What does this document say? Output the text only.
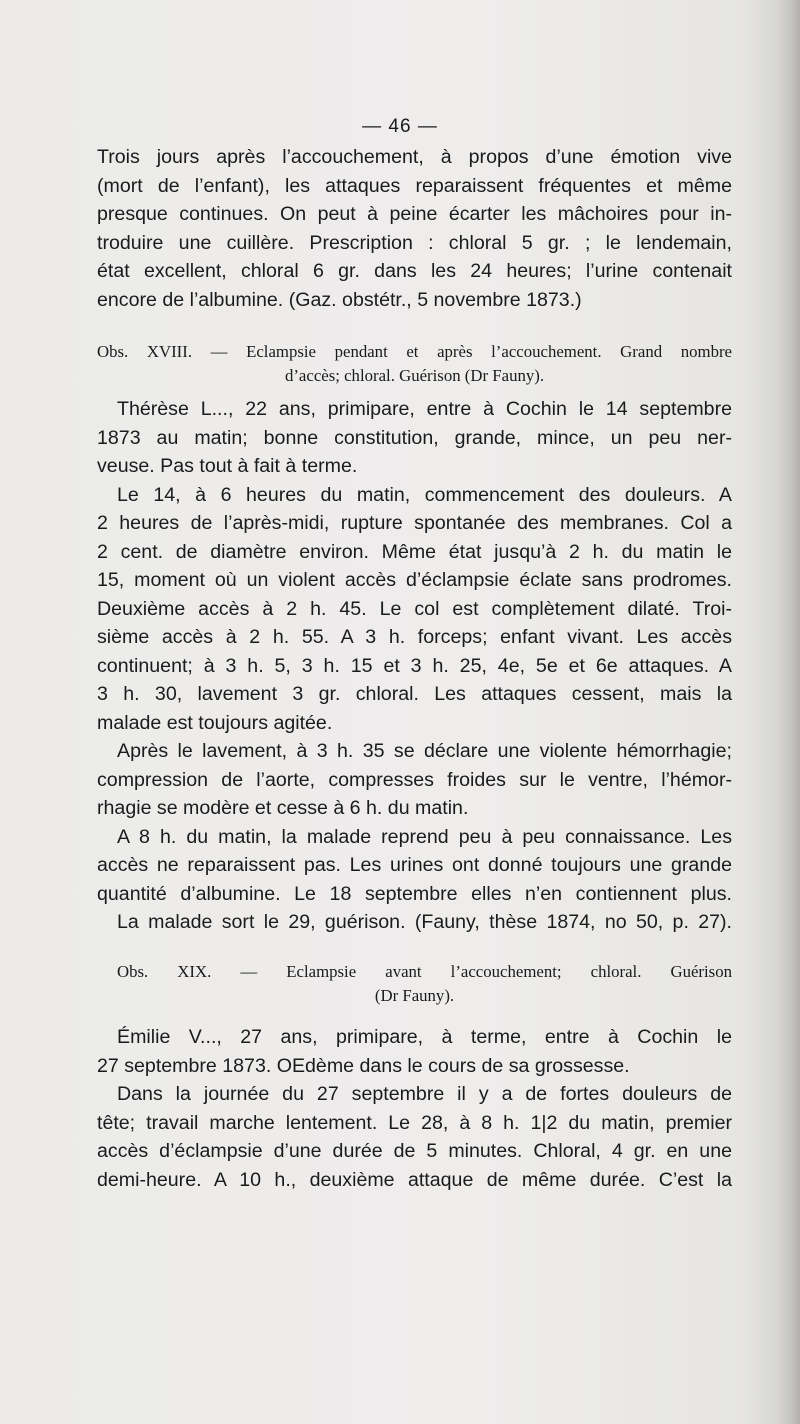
— 46 —
Trois jours après l’accouchement, à propos d’une émotion vive
(mort de l’enfant), les attaques reparaissent fréquentes et même
presque continues. On peut à peine écarter les mâchoires pour in-
troduire une cuillère. Prescription : chloral 5 gr. ; le lendemain,
état excellent, chloral 6 gr. dans les 24 heures; l’urine contenait
encore de l’albumine. (Gaz. obstétr., 5 novembre 1873.)
Obs. XVIII. — Eclampsie pendant et après l’accouchement. Grand nombre
d’accès; chloral. Guérison (Dr Fauny).
Thérèse L..., 22 ans, primipare, entre à Cochin le 14 septembre
1873 au matin; bonne constitution, grande, mince, un peu ner-
veuse. Pas tout à fait à terme.
Le 14, à 6 heures du matin, commencement des douleurs. A
2 heures de l’après-midi, rupture spontanée des membranes. Col a
2 cent. de diamètre environ. Même état jusqu’à 2 h. du matin le
15, moment où un violent accès d’éclampsie éclate sans prodromes.
Deuxième accès à 2 h. 45. Le col est complètement dilaté. Troi-
sième accès à 2 h. 55. A 3 h. forceps; enfant vivant. Les accès
continuent; à 3 h. 5, 3 h. 15 et 3 h. 25, 4e, 5e et 6e attaques. A
3 h. 30, lavement 3 gr. chloral. Les attaques cessent, mais la
malade est toujours agitée.
Après le lavement, à 3 h. 35 se déclare une violente hémorrhagie;
compression de l’aorte, compresses froides sur le ventre, l’hémor-
rhagie se modère et cesse à 6 h. du matin.
A 8 h. du matin, la malade reprend peu à peu connaissance. Les
accès ne reparaissent pas. Les urines ont donné toujours une grande
quantité d’albumine. Le 18 septembre elles n’en contiennent plus.
La malade sort le 29, guérison. (Fauny, thèse 1874, no 50, p. 27).
Obs. XIX. — Eclampsie avant l’accouchement; chloral. Guérison
(Dr Fauny).
Émilie V..., 27 ans, primipare, à terme, entre à Cochin le
27 septembre 1873. OEdème dans le cours de sa grossesse.
Dans la journée du 27 septembre il y a de fortes douleurs de
tête; travail marche lentement. Le 28, à 8 h. 1|2 du matin, premier
accès d’éclampsie d’une durée de 5 minutes. Chloral, 4 gr. en une
demi-heure. A 10 h., deuxième attaque de même durée. C’est la
